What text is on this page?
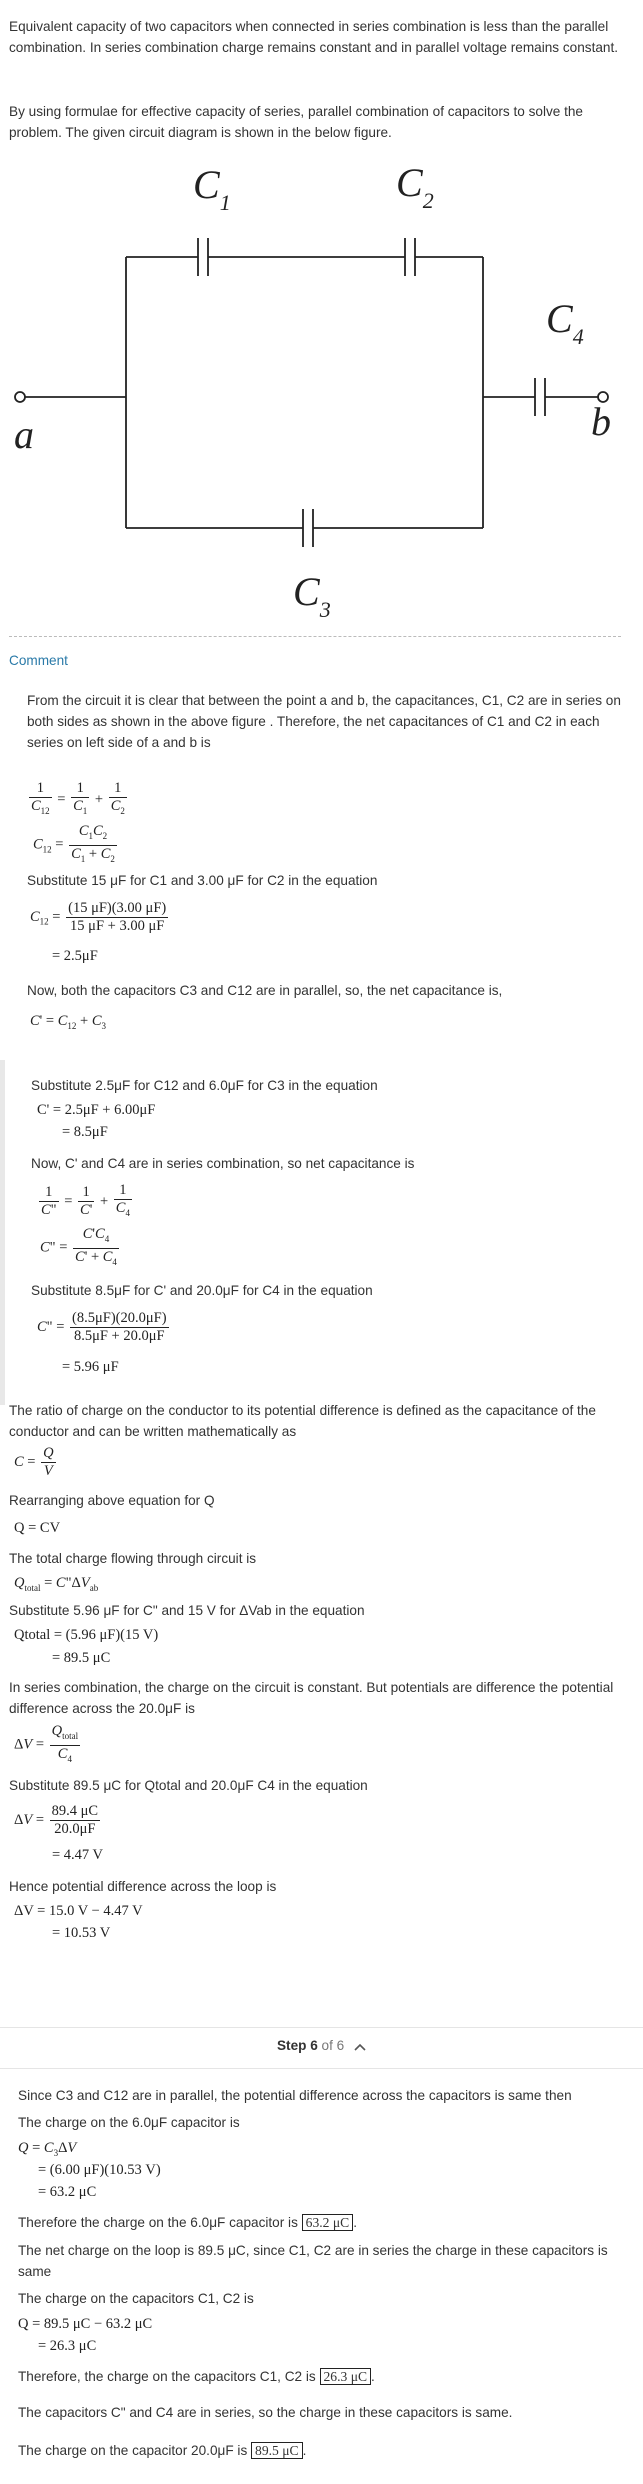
Equivalent capacity of two capacitors when connected in series combination is less than the parallel combination. In series combination charge remains constant and in parallel voltage remains constant.
By using formulae for effective capacity of series, parallel combination of capacitors to solve the problem. The given circuit diagram is shown in the below figure.
$C_1$	$C_2$
$C_4$
$C_3$
a	b
Comment
From the circuit it is clear that between the point a and b, the capacitances, C1, C2 are in series on both sides as shown in the above figure . Therefore, the net capacitances of C1 and C2 in each series on left side of a and b is
$\frac{1}{C_{12}} = \frac{1}{C_1} + \frac{1}{C_2}$
$C_{12} = \frac{C_1C_2}{C_1 + C_2}$
Substitute 15 μF for C1 and 3.00 μF for C2 in the equation
$C_{12} = \frac{(15 \mu F)(3.00 \mu F)}{15 \mu F + 3.00 \mu F}$
= 2.5μF
Now, both the capacitors C3 and C12 are in parallel, so, the net capacitance is,
$C' = C_{12} + C_3$
Substitute 2.5μF for C12 and 6.0μF for C3 in the equation
C' = 2.5μF + 6.00μF
= 8.5μF
Now, C' and C4 are in series combination, so net capacitance is
$\frac{1}{C"} = \frac{1}{C'} + \frac{1}{C_4}$
C" = $\frac{C'C_4}{C' + C_4}$
Substitute 8.5μF for C' and 20.0μF for C4 in the equation
C" = $\frac{(8.5\mu F)(20.0\mu F)}{8.5\mu F + 20.0\mu F}$
= 5.96 μF
The ratio of charge on the conductor to its potential difference is defined as the capacitance of the conductor and can be written mathematically as
$C = \frac{Q}{V}$
Rearranging above equation for Q
Q = CV
The total charge flowing through circuit is
$Q_{total}$ = $C"\Delta V_{ab}$
Substitute 5.96 μF for C" and 15 V for ΔVab in the equation
Qtotal = (5.96 μF)(15 V)
= 89.5 μC
In series combination, the charge on the circuit is constant. But potentials are difference the potential difference across the 20.0μF is
$\Delta V = \frac{Q_{total}}{C_4}$
Substitute 89.5 μC for Qtotal and 20.0μF C4 in the equation
$\Delta V = \frac{89.4 \mu C}{20.0\mu F}$
= 4.47 V
Hence potential difference across the loop is
ΔV = 15.0 V − 4.47 V
= 10.53 V
Step 6 of 6
Since C3 and C12 are in parallel, the potential difference across the capacitors is same then
The charge on the 6.0μF capacitor is
$Q = C_3\Delta V$
= (6.00 μF)(10.53 V)
= 63.2 μC
Therefore the charge on the 6.0μF capacitor is 63.2 μC .
The net charge on the loop is 89.5 μC, since C1, C2 are in series the charge in these capacitors is same
The charge on the capacitors C1, C2 is
Q = 89.5 μC − 63.2 μC
= 26.3 μC
Therefore, the charge on the capacitors C1, C2 is 26.3 μC .
The capacitors C" and C4 are in series, so the charge in these capacitors is same.
The charge on the capacitor 20.0μF is 89.5 μC .
